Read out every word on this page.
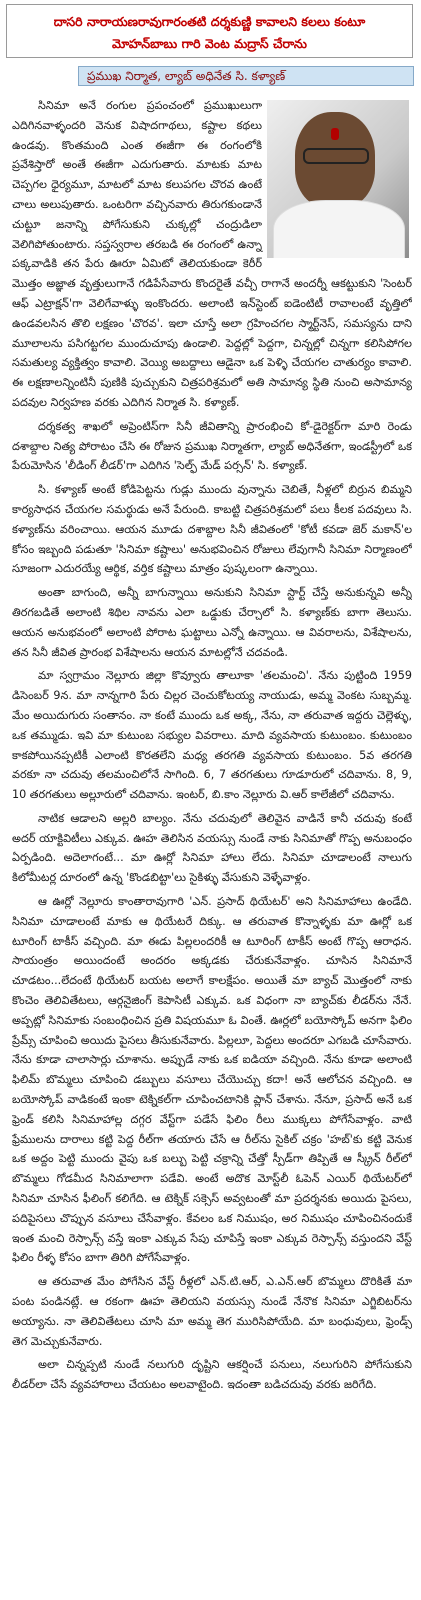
దాసరి నారాయణరావుగారంతటి దర్శకుణ్ణి కావాలని కలలు కంటూ
మోహన్‌బాబు గారి వెంట మద్రాస్ చేరాను
ప్రముఖ నిర్మాత, ల్యాబ్ అధినేత సి. కళ్యాణ్

సినిమా అనే రంగుల ప్రపంచంలో ప్రముఖులుగా ఎదిగినవాళ్ళందరి వెనుక విషాదగాథలు, కష్టాల కథలు ఉండవు. కొంతమంది ఎంత ఈజీగా ఈ రంగంలోకి ప్రవేశిస్తారో అంతే ఈజీగా ఎదుగుతారు. మాటకు మాట చెప్పగల ధైర్యమూ, మాటలో మాట కలుపగల చొరవ ఉంటే చాలు అలుపుతారు. ఒంటరిగా వచ్చినవారు తిరుగకుండానే చుట్టూ జనాన్ని పోగేసుకుని చుక్కల్లో చంద్రుడిలా వెలిగిపోతుంటారు. సప్తస్వరాల తరబడి ఈ రంగంలో ఉన్నా పక్కవాడికి తన పేరు ఊరూ ఏమిటో తెలియకుండా కెరీర్ మొత్తం అజ్ఞాత వృత్తులుగానే గడిపేసేవారు కొందరైతే వచ్చీ రాగానే అందర్నీ ఆకట్టుకుని 'సెంటర్ ఆఫ్ ఎట్రాక్షన్'గా వెలిగేవాళ్ళు ఇంకొందరు. అలాంటి ఇన్‌స్టెంట్ ఐడెంటిటీ రావాలంటే వృత్తిలో ఉండవలసిన తొలి లక్షణం 'చొరవ'. ఇలా చూస్తే అలా గ్రహించగల స్మార్ట్‌నెస్, సమస్యను దాని మూలాలను పసిగట్టగల ముందుచూపు ఉండాలి. పెద్దల్లో పెద్దగా, చిన్నల్లో చిన్నగా కలిసిపోగల సమతుల్య వ్యక్తిత్వం కావాలి. వెయ్యి అబద్దాలు ఆడైనా ఒక పెళ్ళి చేయగల చాతుర్యం కావాలి. ఈ లక్షణాలన్నింటినీ పుణికి పుచ్చుకుని చిత్రపరిశ్రమలో అతి సామాన్య స్థితి నుంచి అసామాన్య పదవుల నిర్వహణ వరకు ఎదిగిన నిర్మాత సి. కళ్యాణ్.

దర్శకత్వ శాఖలో అప్రెంటిస్‌గా సినీ జీవితాన్ని ప్రారంభించి కో-డైరెక్టర్‌గా మారి రెండు దశాబ్దాల నిత్య పోరాటం చేసి ఈ రోజున ప్రముఖ నిర్మాతగా, ల్యాబ్ అధినేతగా, ఇండస్ట్రీలో ఒక పేరుమోసిన 'లీడింగ్ లీడర్'గా ఎదిగిన 'సెల్ఫ్ మేడ్ పర్సన్' సి. కళ్యాణ్.

సి. కళ్యాణ్ అంటే కోడిపెట్టను గుడ్లు ముందు వున్నాను చెబితే, నీళ్లలో బిర్రున బిమ్మని కార్యసాధన చేయగల సమర్థుడు అనే పేరుంది. కాబట్టి చిత్రపరిశ్రమలో పలు కీలక పదవులు సి. కళ్యాణ్‌ను వరించాయి. ఆయన మూడు దశాబ్దాల సినీ జీవితంలో 'కోటీ కవడా జెర్ మకాన్'ల కోసం ఇబ్బంది పడుతూ 'సినిమా కష్టాలు' అనుభవించిన రోజులు లేవుగానీ సినిమా నిర్మాణంలో సూజంగా ఎదురయ్యే ఆర్థిక, వర్తిక కష్టాలు మాత్రం పుష్కలంగా ఉన్నాయి.

అంతా బాగుంది, అన్నీ బాగున్నాయి అనుకుని సినిమా స్టార్ట్ చేస్తే అనుకున్నవి అన్నీ తిరగబడితే అలాంటి శిథిల నావను ఎలా ఒడ్డుకు చేర్చాలో సి. కళ్యాణ్‌కు బాగా తెలుసు. ఆయన అనుభవంలో అలాంటి పోరాట ఘట్టాలు ఎన్నో ఉన్నాయి. ఆ వివరాలను, విశేషాలను, తన సినీ జీవిత ప్రారంభ విశేషాలను ఆయన మాటల్లోనే చదవండి.

మా స్వగ్రామం నెల్లూరు జిల్లా కొవ్వూరు తాలూకా 'తలమంచి'. నేను పుట్టింది 1959 డిసెంబర్ 9న. మా నాన్నగారి పేరు చిల్లర చెంచుకోటయ్య నాయుడు, అమ్మ వెంకట సుబ్బమ్మ. మేం అయిదుగురు సంతానం. నా కంటే ముందు ఒక అక్క, నేను, నా తరువాత ఇద్దరు చెల్లెళ్ళు, ఒక తమ్ముడు. ఇవి మా కుటుంబ సభ్యుల వివరాలు. మాది వ్యవసాయ కుటుంబం. కుటుంబం కాకపోయినప్పటికీ ఎలాంటి కొరతలేని మధ్య తరగతి వ్యవసాయ కుటుంబం. 5వ తరగతి వరకూ నా చదువు తలమంచిలోనే సాగింది. 6, 7 తరగతులు గూడూరులో చదివాను. 8, 9, 10 తరగతులు అల్లూరులో చదివాను. ఇంటర్, బి.కాం నెల్లూరు వి.ఆర్ కాలేజీలో చదివాను.

నాటిక ఆడాలని అల్లరి బాల్యం. నేను చదువులో తెలివైన వాడినే కానీ చదువు కంటే అదర్ యాక్టివిటీలు ఎక్కువ. ఊహ తెలిసిన వయస్సు నుండే నాకు సినిమాతో గొప్ప అనుబంధం ఏర్పడింది. అదెలాగంటే... మా ఊర్లో సినిమా హాలు లేదు. సినిమా చూడాలంటే నాలుగు కిలోమీటర్ల దూరంలో ఉన్న 'కొండబిట్టా'లు సైకిళ్ళు వేసుకుని వెళ్ళేవాళ్లం.

ఆ ఊర్లో నెల్లూరు కాంతారావుగారి 'ఎన్. ప్రసాద్ థియేటర్' అని సినిమాహాలు ఉండేది. సినిమా చూడాలంటే మాకు ఆ థియేటరే దిక్కు. ఆ తరువాత కొన్నాళ్ళకు మా ఊర్లో ఒక టూరింగ్ టాకీస్ వచ్చింది. మా ఈడు పిల్లలందరికీ ఆ టూరింగ్ టాకీస్ అంటే గొప్ప ఆరాధన. సాయంత్రం అయిందంటే అందరం అక్కడకు చేరుకునేవాళ్లం. చూసిన సినిమానే చూడటం...లేదంటే థియేటర్ బయట అలాగే కాలక్షేపం. అయితే మా బ్యాచ్ మొత్తంలో నాకు కొంచెం తెలివితేటలు, ఆర్గనైజింగ్ కెపాసిటీ ఎక్కువ. ఒక విధంగా నా బ్యాచ్‌కు లీడర్‌ను నేనే. అప్పట్లో సినిమాకు సంబంధించిన ప్రతి విషయమూ ఓ వింతే. ఊర్లలో బయోస్కోప్ అనగా ఫిలిం ప్రేమ్స్ చూపించి అయిదు పైసలు తీసుకునేవారు. పిల్లలూ, పెద్దలు అందరూ ఎగబడి చూసేవారు. నేను కూడా చాలాసార్లు చూశాను. అప్పుడే నాకు ఒక ఐడియా వచ్చింది. నేను కూడా అలాంటి ఫిలిమ్ బొమ్మలు చూపించి డబ్బులు వసూలు చేయొచ్చు కదా! అనే ఆలోచన వచ్చింది. ఆ బయోస్కోప్ వాడికంటే ఇంకా టెక్నికల్‌గా చూపించటానికి ప్లాన్ చేశాను. నేనూ, ప్రసాద్ అనే ఒక ఫ్రెండ్ కలిసి సినిమాహాల్ల దగ్గర వేస్ట్‌గా పడేసే ఫిలిం రీలు ముక్కలు పోగేసేవాళ్లం. వాటి ఫ్రేములను దారాలు కట్టి పెద్ద రీల్‌గా తయారు చేసే ఆ రీల్‌ను సైకిల్ చక్రం 'హబ్'కు కట్టి వెనుక ఒక అద్దం పెట్టి ముందు వైపు ఒక బల్బు పెట్టి చక్రాన్ని చేత్తో స్పీడ్‌గా తిప్పితే ఆ స్క్రీన్ రీల్‌లో బొమ్మలు గోడమీద సినిమాలాగా పడేవి. అంటే అదొక మోస్ట్‌లీ ఓపెన్ ఎయిర్ థియేటర్‌లో సినిమా చూసిన ఫీలింగ్ కలిగేది. ఆ టెక్నిక్ సక్సెస్ అవ్వటంతో మా ప్రదర్శనకు అయిదు పైసలు, పదిపైసలు చొప్పున వసూలు చేసేవాళ్లం. కేవలం ఒక నిముషం, అర నిముషం చూపించినందుకే ఇంత మంచి రెస్పాన్స్ వస్తే ఇంకా ఎక్కువ సేపు చూపిస్తే ఇంకా ఎక్కువ రెస్పాన్స్ వస్తుందని వేస్ట్ ఫిలిం రీళ్ళ కోసం బాగా తిరిగి పోగేసేవాళ్లం.

ఆ తరువాత మేం పోగేసిన వేస్ట్ రీళ్లలో ఎన్.టి.ఆర్, ఎ.ఎన్.ఆర్ బొమ్మలు దొరికితే మా పంట పండినట్లే. ఆ రకంగా ఊహ తెలియని వయస్సు నుండే నేనొక సినిమా ఎగ్జిబిటర్‌ను అయ్యాను. నా తెలివితేటలు చూసి మా అమ్మ తెగ మురిసిపోయేది. మా బంధువులు, ఫ్రెండ్స్ తెగ మెచ్చుకునేవారు.

అలా చిన్నప్పటి నుండే నలుగురి దృష్టిని ఆకర్షించే పనులు, నలుగురిని పోగేసుకుని లీడర్‌లా చేసే వ్యవహారాలు చేయటం అలవాటైంది. ఇదంతా బడిచదువు వరకు జరిగేది.
